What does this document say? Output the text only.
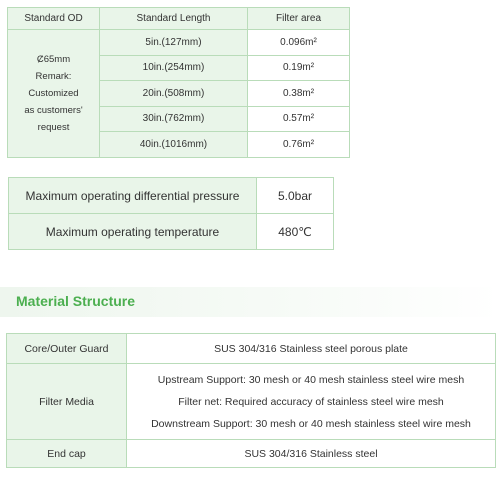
Standard OD	Standard Length	Filter area

Ȼ65mm
Remark:
Customized
as customers'
request	5in.(127mm)	0.096m²
	10in.(254mm)	0.19m²
	20in.(508mm)	0.38m²
	30in.(762mm)	0.57m²
	40in.(1016mm)	0.76m²
Maximum operating differential pressure	5.0bar
Maximum operating temperature	480℃
Material Structure
Core/Outer Guard	SUS 304/316 Stainless steel porous plate
Filter Media	Upstream Support: 30 mesh or 40 mesh stainless steel wire mesh
Filter net: Required accuracy of stainless steel wire mesh
Downstream Support: 30 mesh or 40 mesh stainless steel wire mesh

End cap	SUS 304/316 Stainless steel
